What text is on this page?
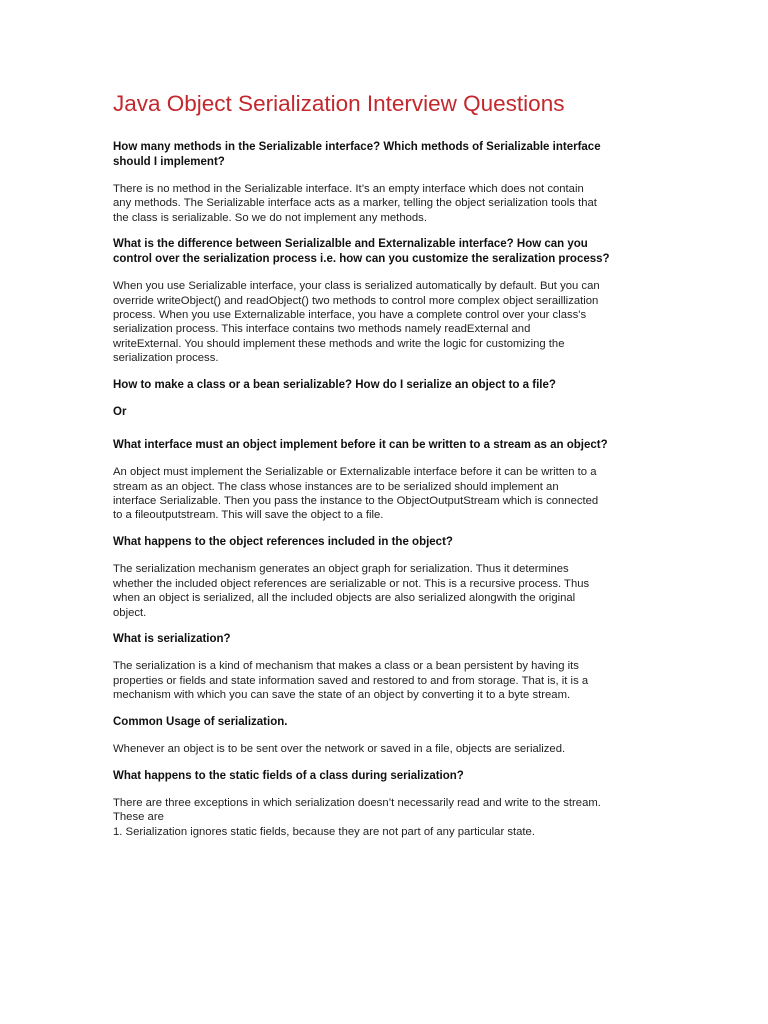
Java Object Serialization Interview Questions

How many methods in the Serializable interface? Which methods of Serializable interface
should I implement?

There is no method in the Serializable interface. It’s an empty interface which does not contain
any methods. The Serializable interface acts as a marker, telling the object serialization tools that
the class is serializable. So we do not implement any methods.

What is the difference between Serializalble and Externalizable interface? How can you
control over the serialization process i.e. how can you customize the seralization process?

When you use Serializable interface, your class is serialized automatically by default. But you can
override writeObject() and readObject() two methods to control more complex object seraillization
process. When you use Externalizable interface, you have a complete control over your class's
serialization process. This interface contains two methods namely readExternal and
writeExternal. You should implement these methods and write the logic for customizing the
serialization process.

How to make a class or a bean serializable? How do I serialize an object to a file?

Or

What interface must an object implement before it can be written to a stream as an object?

An object must implement the Serializable or Externalizable interface before it can be written to a
stream as an object. The class whose instances are to be serialized should implement an
interface Serializable. Then you pass the instance to the ObjectOutputStream which is connected
to a fileoutputstream. This will save the object to a file.

What happens to the object references included in the object?

The serialization mechanism generates an object graph for serialization. Thus it determines
whether the included object references are serializable or not. This is a recursive process. Thus
when an object is serialized, all the included objects are also serialized alongwith the original
object.

What is serialization?

The serialization is a kind of mechanism that makes a class or a bean persistent by having its
properties or fields and state information saved and restored to and from storage. That is, it is a
mechanism with which you can save the state of an object by converting it to a byte stream.

Common Usage of serialization.

Whenever an object is to be sent over the network or saved in a file, objects are serialized.

What happens to the static fields of a class during serialization?

There are three exceptions in which serialization doesn’t necessarily read and write to the stream.
These are
1. Serialization ignores static fields, because they are not part of any particular state.
